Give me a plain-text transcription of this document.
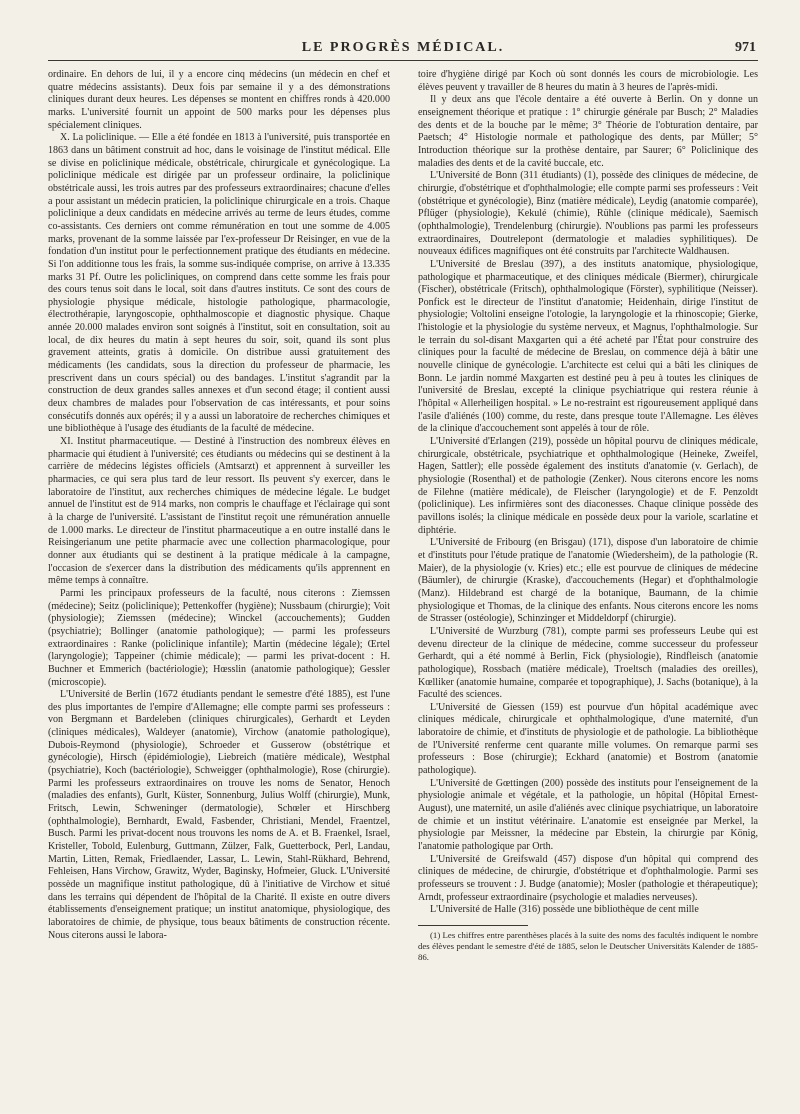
LE PROGRÈS MÉDICAL.	971

ordinaire. En dehors de lui, il y a encore cinq médecins (un médecin en chef et quatre médecins assistants). Deux fois par semaine il y a des démonstrations cliniques durant deux heures. Les dépenses se montent en chiffres ronds à 420.000 marks. L'université fournit un appoint de 500 marks pour les dépenses plus spécialement cliniques.

X. La policlinique. — Elle a été fondée en 1813 à l'université, puis transportée en 1863 dans un bâtiment construit ad hoc, dans le voisinage de l'institut médical. Elle se divise en policlinique médicale, obstétricale, chirurgicale et gynécologique. La policlinique médicale est dirigée par un professeur ordinaire, la policlinique obstétricale aussi, les trois autres par des professeurs extraordinaires; chacune d'elles a pour assistant un médecin praticien, la policlinique chirurgicale en a trois. Chaque policlinique a deux candidats en médecine arrivés au terme de leurs études, comme co-assistants. Ces derniers ont comme rémunération en tout une somme de 4.005 marks, provenant de la somme laissée par l'ex-professeur Dr Reisinger, en vue de la fondation d'un institut pour le perfectionnement pratique des étudiants en médecine. Si l'on additionne tous les frais, la somme sus-indiquée comprise, on arrive à 13.335 marks 31 Pf. Outre les policliniques, on comprend dans cette somme les frais pour des cours tenus soit dans le local, soit dans d'autres instituts. Ce sont des cours de physiologie physique médicale, histologie pathologique, pharmacologie, électrothérapie, laryngoscopie, ophthalmoscopie et diagnostic physique. Chaque année 20.000 malades environ sont soignés à l'institut, soit en consultation, soit au local, de dix heures du matin à sept heures du soir, soit, quand ils sont plus gravement atteints, gratis à domicile. On distribue aussi gratuitement des médicaments (les candidats, sous la direction du professeur de pharmacie, les prescrivent dans un cours spécial) ou des bandages. L'institut s'agrandit par la construction de deux grandes salles annexes et d'un second étage; il contient aussi deux chambres de malades pour l'observation de cas intéressants, et pour soins consécutifs donnés aux opérés; il y a aussi un laboratoire de recherches chimiques et une bibliothèque à l'usage des étudiants de la faculté de médecine.

XI. Institut pharmaceutique. — Destiné à l'instruction des nombreux élèves en pharmacie qui étudient à l'université; ces étudiants ou médecins qui se destinent à la carrière de médecins légistes officiels (Amtsarzt) et apprennent à surveiller les pharmacies, ce qui sera plus tard de leur ressort. Ils peuvent s'y exercer, dans le laboratoire de l'institut, aux recherches chimiques de médecine légale. Le budget annuel de l'institut est de 914 marks, non compris le chauffage et l'éclairage qui sont à la charge de l'université. L'assistant de l'institut reçoit une rémunération annuelle de 1.000 marks. Le directeur de l'institut pharmaceutique a en outre installé dans le Reisingerianum une petite pharmacie avec une collection pharmacologique, pour donner aux étudiants qui se destinent à la pratique médicale à la campagne, l'occasion de s'exercer dans la distribution des médicaments qu'ils apprennent en même temps à connaître.

Parmi les principaux professeurs de la faculté, nous citerons : Ziemssen (médecine); Seitz (policlinique); Pettenkoffer (hygiène); Nussbaum (chirurgie); Voit (physiologie); Ziemssen (médecine); Winckel (accouchements); Gudden (psychiatrie); Bollinger (anatomie pathologique); — parmi les professeurs extraordinaires : Ranke (policlinique infantile); Martin (médecine légale); Œrtel (laryngologie); Tappeiner (chimie médicale); — parmi les privat-docent : H. Buchner et Emmerich (bactériologie); Hœsslin (anatomie pathologique); Gessler (microscopie).

L'Université de Berlin (1672 étudiants pendant le semestre d'été 1885), est l'une des plus importantes de l'empire d'Allemagne; elle compte parmi ses professeurs : von Bergmann et Bardeleben (cliniques chirurgicales), Gerhardt et Leyden (cliniques médicales), Waldeyer (anatomie), Virchow (anatomie pathologique), Dubois-Reymond (physiologie), Schroeder et Gusserow (obstétrique et gynécologie), Hirsch (épidémiologie), Liebreich (matière médicale), Westphal (psychiatrie), Koch (bactériologie), Schweigger (ophthalmologie), Rose (chirurgie). Parmi les professeurs extraordinaires on trouve les noms de Senator, Henoch (maladies des enfants), Gurlt, Küster, Sonnenburg, Julius Wolff (chirurgie), Munk, Fritsch, Lewin, Schweninger (dermatologie), Schœler et Hirschberg (ophthalmologie), Bernhardt, Ewald, Fasbender, Christiani, Mendel, Fraentzel, Busch. Parmi les privat-docent nous trouvons les noms de A. et B. Fraenkel, Israel, Kristeller, Tobold, Eulenburg, Guttmann, Zülzer, Falk, Guetterbock, Perl, Landau, Martin, Litten, Remak, Friedlaender, Lassar, L. Lewin, Stahl-Rükhard, Behrend, Fehleisen, Hans Virchow, Grawitz, Wyder, Baginsky, Hofmeier, Gluck. L'Université possède un magnifique institut pathologique, dû à l'initiative de Virchow et situé dans les terrains qui dépendent de l'hôpital de la Charité. Il existe en outre divers établissements d'enseignement pratique; un institut anatomique, physiologique, des laboratoires de chimie, de physique, tous beaux bâtiments de construction récente. Nous citerons aussi le labora-

toire d'hygiène dirigé par Koch où sont donnés les cours de microbiologie. Les élèves peuvent y travailler de 8 heures du matin à 3 heures de l'après-midi.

Il y deux ans que l'école dentaire a été ouverte à Berlin. On y donne un enseignement théorique et pratique : 1° chirurgie générale par Busch; 2° Maladies des dents et de la bouche par le même; 3° Théorie de l'obturation dentaire, par Paetsch; 4° Histologie normale et pathologique des dents, par Müller; 5° Introduction théorique sur la prothèse dentaire, par Saurer; 6° Policlinique des maladies des dents et de la cavité buccale, etc.

L'Université de Bonn (311 étudiants) (1), possède des cliniques de médecine, de chirurgie, d'obstétrique et d'ophthalmologie; elle compte parmi ses professeurs : Veit (obstétrique et gynécologie), Binz (matière médicale), Leydig (anatomie comparée), Pflüger (physiologie), Kekulé (chimie), Rühle (clinique médicale), Saemisch (ophthalmologie), Trendelenburg (chirurgie). N'oublions pas parmi les professeurs extraordinaires, Doutrelepont (dermatologie et maladies syphilitiques). De nouveaux édifices magnifiques ont été construits par l'architecte Waldhausen.

L'Université de Breslau (397), a des instituts anatomique, physiologique, pathologique et pharmaceutique, et des cliniques médicale (Biermer), chirurgicale (Fischer), obstétricale (Fritsch), ophthalmologique (Förster), syphilitique (Neisser). Ponfick est le directeur de l'institut d'anatomie; Heidenhain, dirige l'institut de physiologie; Voltolini enseigne l'otologie, la laryngologie et la rhinoscopie; Gierke, l'histologie et la physiologie du système nerveux, et Magnus, l'ophthalmologie. Sur le terrain du sol-disant Maxgarten qui a été acheté par l'État pour construire des cliniques pour la faculté de médecine de Breslau, on commence déjà à bâtir une nouvelle clinique de gynécologie. L'architecte est celui qui a bâti les cliniques de Bonn. Le jardin nommé Maxgarten est destiné peu à peu à toutes les cliniques de l'université de Breslau, excepté la clinique psychiatrique qui restera réunie à l'hôpital « Allerheiligen hospital. » Le no-restraint est rigoureusement appliqué dans l'asile d'aliénés (100) comme, du reste, dans presque toute l'Allemagne. Les élèves de la clinique d'accouchement sont appelés à tour de rôle.

L'Université d'Erlangen (219), possède un hôpital pourvu de cliniques médicale, chirurgicale, obstétricale, psychiatrique et ophthalmologique (Heineke, Zweifel, Hagen, Sattler); elle possède également des instituts d'anatomie (v. Gerlach), de physiologie (Rosenthal) et de pathologie (Zenker). Nous citerons encore les noms de Filehne (matière médicale), de Fleischer (laryngologie) et de F. Penzoldt (policlinique). Les infirmières sont des diaconesses. Chaque clinique possède des pavillons isolés; la clinique médicale en possède deux pour la variole, scarlatine et diphtérie.

L'Université de Fribourg (en Brisgau) (171), dispose d'un laboratoire de chimie et d'instituts pour l'étude pratique de l'anatomie (Wiedersheim), de la pathologie (R. Maier), de la physiologie (v. Kries) etc.; elle est pourvue de cliniques de médecine (Bäumler), de chirurgie (Kraske), d'accouchements (Hegar) et d'ophthalmologie (Manz). Hildebrand est chargé de la botanique, Baumann, de la chimie physiologique et Thomas, de la clinique des enfants. Nous citerons encore les noms de Strasser (ostéologie), Schinzinger et Middeldorpf (chirurgie).

L'Université de Wurzburg (781), compte parmi ses professeurs Leube qui est devenu directeur de la clinique de médecine, comme successeur du professeur Gerhardt, qui a été nommé à Berlin, Fick (physiologie), Rindfleisch (anatomie pathologique), Rossbach (matière médicale), Troeltsch (maladies des oreilles), Kœlliker (anatomie humaine, comparée et topographique), J. Sachs (botanique), à la Faculté des sciences.

L'Université de Giessen (159) est pourvue d'un hôpital académique avec cliniques médicale, chirurgicale et ophthalmologique, d'une maternité, d'un laboratoire de chimie, et d'instituts de physiologie et de pathologie. La bibliothèque de l'Université renferme cent quarante mille volumes. On remarque parmi ses professeurs : Bose (chirurgie); Eckhard (anatomie) et Bostrom (anatomie pathologique).

L'Université de Gœttingen (200) possède des instituts pour l'enseignement de la physiologie animale et végétale, et la pathologie, un hôpital (Hôpital Ernest-August), une maternité, un asile d'aliénés avec clinique psychiatrique, un laboratoire de chimie et un institut vétérinaire. L'anatomie est enseignée par Merkel, la physiologie par Meissner, la médecine par Ebstein, la chirurgie par König, l'anatomie pathologique par Orth.

L'Université de Greifswald (457) dispose d'un hôpital qui comprend des cliniques de médecine, de chirurgie, d'obstétrique et d'ophthalmologie. Parmi ses professeurs se trouvent : J. Budge (anatomie); Mosler (pathologie et thérapeutique); Arndt, professeur extraordinaire (psychologie et maladies nerveuses).

L'Université de Halle (316) possède une bibliothèque de cent mille

(1) Les chiffres entre parenthèses placés à la suite des noms des facultés indiquent le nombre des élèves pendant le semestre d'été de 1885, selon le Deutscher Universitäts Kalender de 1885-86.
